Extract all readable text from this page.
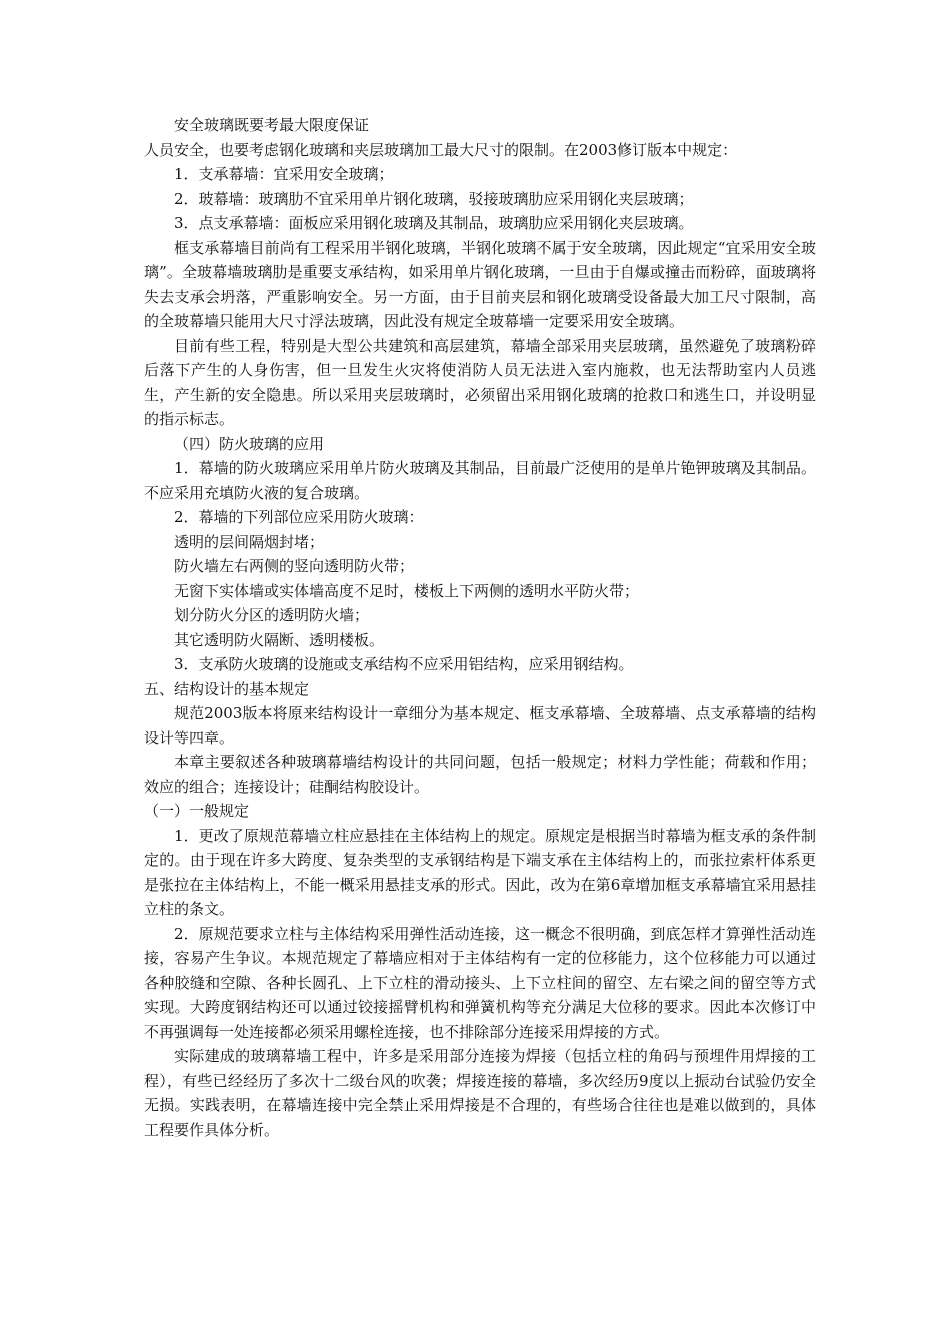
安全玻璃既要考最大限度保证

人员安全，也要考虑钢化玻璃和夹层玻璃加工最大尺寸的限制。在2003修订版本中规定：

1．支承幕墙：宜采用安全玻璃；

2．玻幕墙：玻璃肋不宜采用单片钢化玻璃，驳接玻璃肋应采用钢化夹层玻璃；

3．点支承幕墙：面板应采用钢化玻璃及其制品，玻璃肋应采用钢化夹层玻璃。

框支承幕墙目前尚有工程采用半钢化玻璃，半钢化玻璃不属于安全玻璃，因此规定“宜采用安全玻璃”。全玻幕墙玻璃肋是重要支承结构，如采用单片钢化玻璃，一旦由于自爆或撞击而粉碎，面玻璃将失去支承会坍落，严重影响安全。另一方面，由于目前夹层和钢化玻璃受设备最大加工尺寸限制，高的全玻幕墙只能用大尺寸浮法玻璃，因此没有规定全玻幕墙一定要采用安全玻璃。

目前有些工程，特别是大型公共建筑和高层建筑，幕墙全部采用夹层玻璃，虽然避免了玻璃粉碎后落下产生的人身伤害，但一旦发生火灾将使消防人员无法进入室内施救，也无法帮助室内人员逃生，产生新的安全隐患。所以采用夹层玻璃时，必须留出采用钢化玻璃的抢救口和逃生口，并设明显的指示标志。

（四）防火玻璃的应用

1．幕墙的防火玻璃应采用单片防火玻璃及其制品，目前最广泛使用的是单片铯钾玻璃及其制品。不应采用充填防火液的复合玻璃。

2．幕墙的下列部位应采用防火玻璃：

透明的层间隔烟封堵；

防火墙左右两侧的竖向透明防火带；

无窗下实体墙或实体墙高度不足时，楼板上下两侧的透明水平防火带；

划分防火分区的透明防火墙；

其它透明防火隔断、透明楼板。

3．支承防火玻璃的设施或支承结构不应采用铝结构，应采用钢结构。

五、结构设计的基本规定

规范2003版本将原来结构设计一章细分为基本规定、框支承幕墙、全玻幕墙、点支承幕墙的结构设计等四章。

本章主要叙述各种玻璃幕墙结构设计的共同问题，包括一般规定；材料力学性能；荷载和作用；效应的组合；连接设计；硅酮结构胶设计。

（一）一般规定

1．更改了原规范幕墙立柱应悬挂在主体结构上的规定。原规定是根据当时幕墙为框支承的条件制定的。由于现在许多大跨度、复杂类型的支承钢结构是下端支承在主体结构上的，而张拉索杆体系更是张拉在主体结构上，不能一概采用悬挂支承的形式。因此，改为在第6章增加框支承幕墙宜采用悬挂立柱的条文。

2．原规范要求立柱与主体结构采用弹性活动连接，这一概念不很明确，到底怎样才算弹性活动连接，容易产生争议。本规范规定了幕墙应相对于主体结构有一定的位移能力，这个位移能力可以通过各种胶缝和空隙、各种长圆孔、上下立柱的滑动接头、上下立柱间的留空、左右梁之间的留空等方式实现。大跨度钢结构还可以通过铰接摇臂机构和弹簧机构等充分满足大位移的要求。因此本次修订中不再强调每一处连接都必须采用螺栓连接，也不排除部分连接采用焊接的方式。

实际建成的玻璃幕墙工程中，许多是采用部分连接为焊接（包括立柱的角码与预埋件用焊接的工程），有些已经经历了多次十二级台风的吹袭；焊接连接的幕墙，多次经历9度以上振动台试验仍安全无损。实践表明，在幕墙连接中完全禁止采用焊接是不合理的，有些场合往往也是难以做到的，具体工程要作具体分析。
